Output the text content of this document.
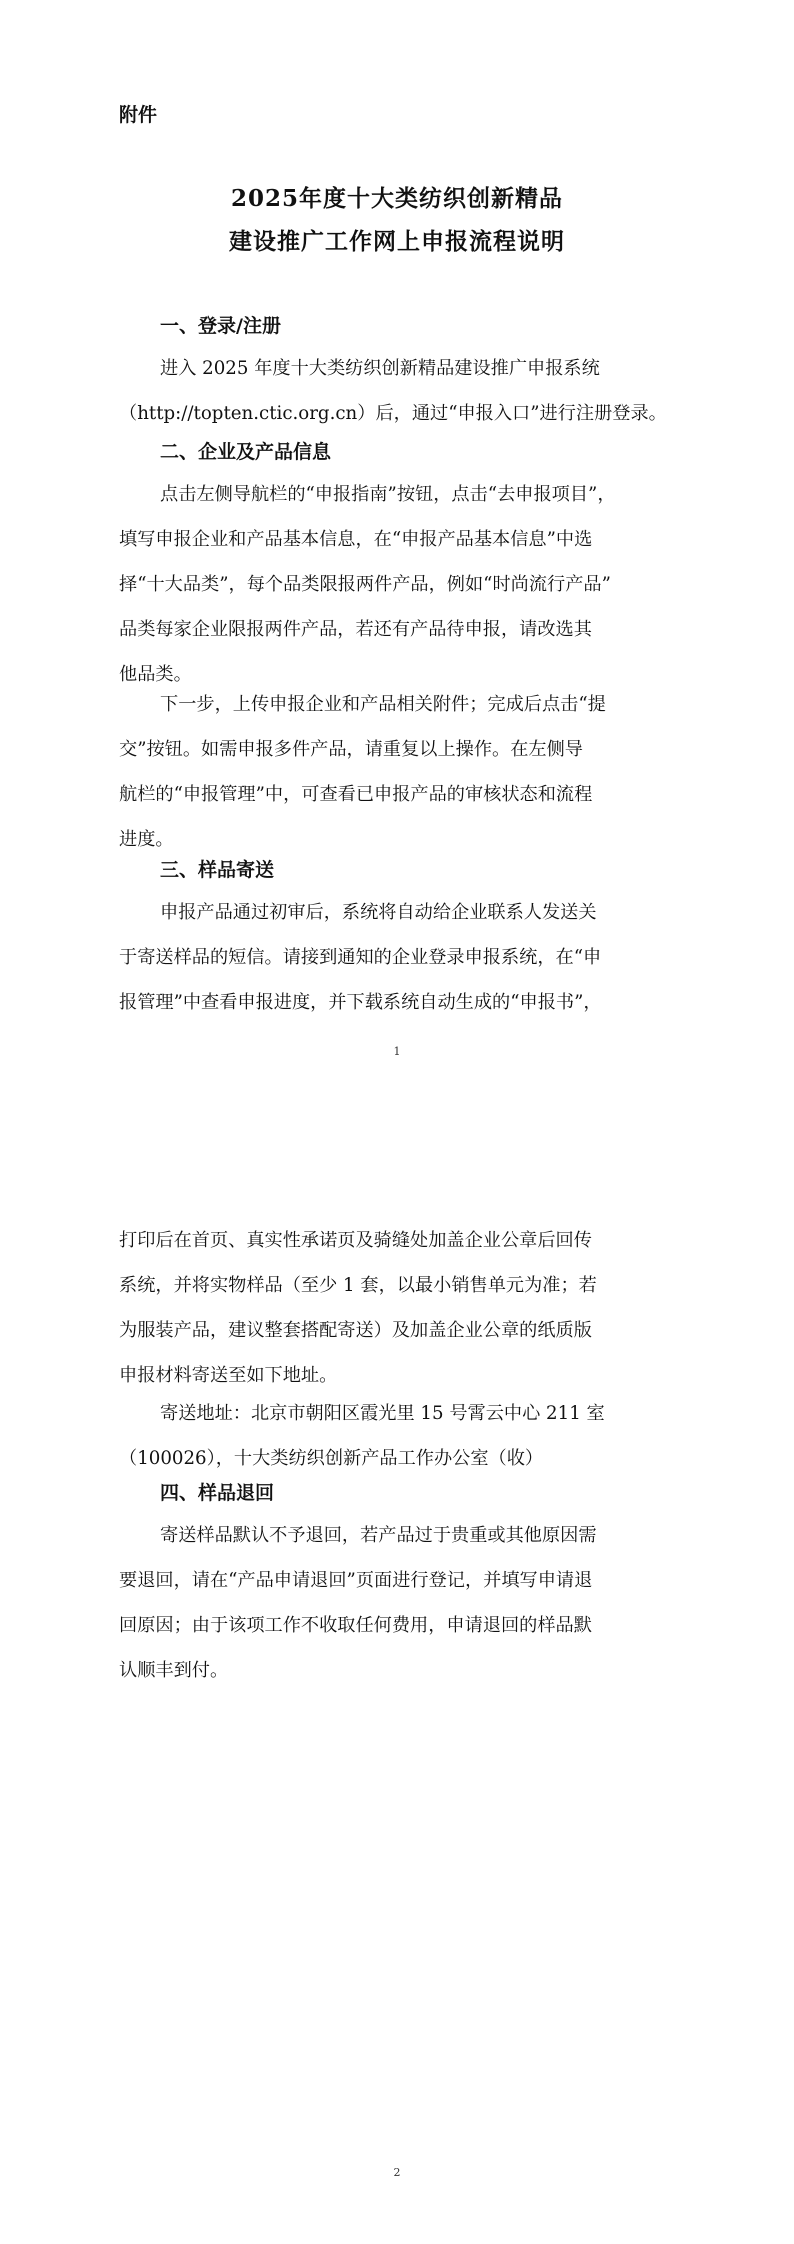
附件
2025年度十大类纺织创新精品
建设推广工作网上申报流程说明
一、登录/注册
进入 2025 年度十大类纺织创新精品建设推广申报系统
（http://topten.ctic.org.cn）后，通过“申报入口”进行注册登录。
二、企业及产品信息
点击左侧导航栏的“申报指南”按钮，点击“去申报项目”，
填写申报企业和产品基本信息，在“申报产品基本信息”中选
择“十大品类”，每个品类限报两件产品，例如“时尚流行产品”
品类每家企业限报两件产品，若还有产品待申报，请改选其
他品类。
下一步，上传申报企业和产品相关附件；完成后点击“提
交”按钮。如需申报多件产品，请重复以上操作。在左侧导
航栏的“申报管理”中，可查看已申报产品的审核状态和流程
进度。
三、样品寄送
申报产品通过初审后，系统将自动给企业联系人发送关
于寄送样品的短信。请接到通知的企业登录申报系统，在“申
报管理”中查看申报进度，并下载系统自动生成的“申报书”，
1
打印后在首页、真实性承诺页及骑缝处加盖企业公章后回传
系统，并将实物样品（至少 1 套，以最小销售单元为准；若
为服装产品，建议整套搭配寄送）及加盖企业公章的纸质版
申报材料寄送至如下地址。
寄送地址：北京市朝阳区霞光里 15 号霄云中心 211 室
（100026），十大类纺织创新产品工作办公室（收）
四、样品退回
寄送样品默认不予退回，若产品过于贵重或其他原因需
要退回，请在“产品申请退回”页面进行登记，并填写申请退
回原因；由于该项工作不收取任何费用，申请退回的样品默
认顺丰到付。
2
